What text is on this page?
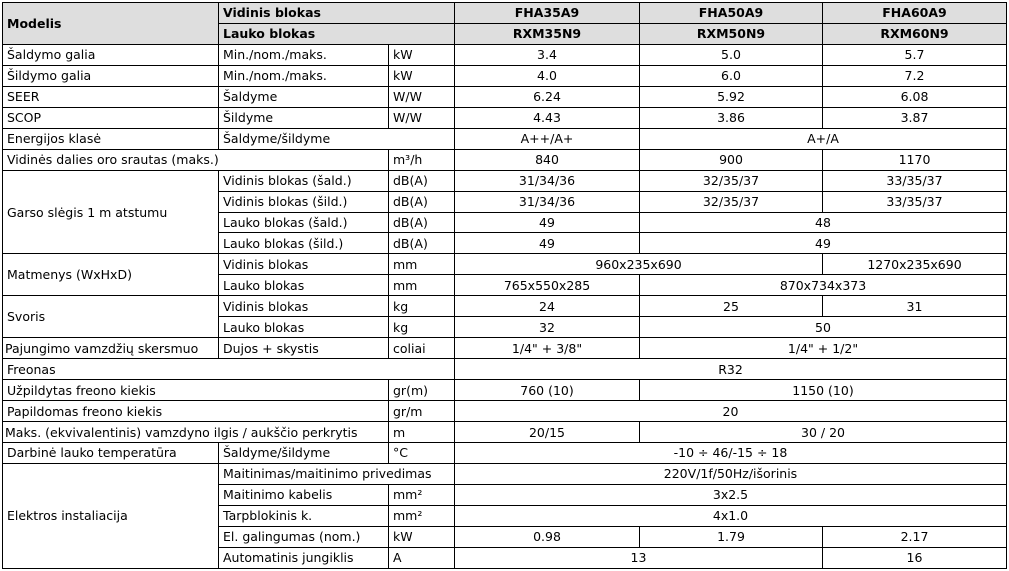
Modelis	Vidinis blokas		FHA35A9	FHA50A9	FHA60A9
	Lauko blokas		RXM35N9	RXM50N9	RXM60N9
Šaldymo galia	Min./nom./maks.	kW	3.4	5.0	5.7
Šildymo galia	Min./nom./maks.	kW	4.0	6.0	7.2
SEER	Šaldyme	W/W	6.24	5.92	6.08
SCOP	Šildyme	W/W	4.43	3.86	3.87
Energijos klasė	Šaldyme/šildyme		A++/A+	A+/A	
Vidinės dalies oro srautas (maks.)		m³/h	840	900	1170
Garso slėgis 1 m atstumu	Vidinis blokas (šald.)	dB(A)	31/34/36	32/35/37	33/35/37
	Vidinis blokas (šild.)	dB(A)	31/34/36	32/35/37	33/35/37
	Lauko blokas (šald.)	dB(A)	49	48	
	Lauko blokas (šild.)	dB(A)	49	49	
Matmenys (WxHxD)	Vidinis blokas	mm	960x235x690		1270x235x690
	Lauko blokas	mm	765x550x285	870x734x373	
Svoris	Vidinis blokas	kg	24	25	31
	Lauko blokas	kg	32	50	
Pajungimo vamzdžių skersmuo	Dujos + skystis	coliai	1/4" + 3/8"	1/4" + 1/2"	
Freonas			R32		
Užpildytas freono kiekis		gr(m)	760 (10)	1150 (10)	
Papildomas freono kiekis		gr/m	20		
Maks. (ekvivalentinis) vamzdyno ilgis / aukščio perkrytis		m	20/15	30 / 20	
Darbinė lauko temperatūra	Šaldyme/šildyme	°C	-10 ÷ 46/-15 ÷ 18		
Elektros instaliacija	Maitinimas/maitinimo privedimas		220V/1f/50Hz/išorinis		
	Maitinimo kabelis	mm²	3x2.5		
	Tarpblokinis k.	mm²	4x1.0		
	El. galingumas (nom.)	kW	0.98	1.79	2.17
	Automatinis jungiklis	A	13		16
